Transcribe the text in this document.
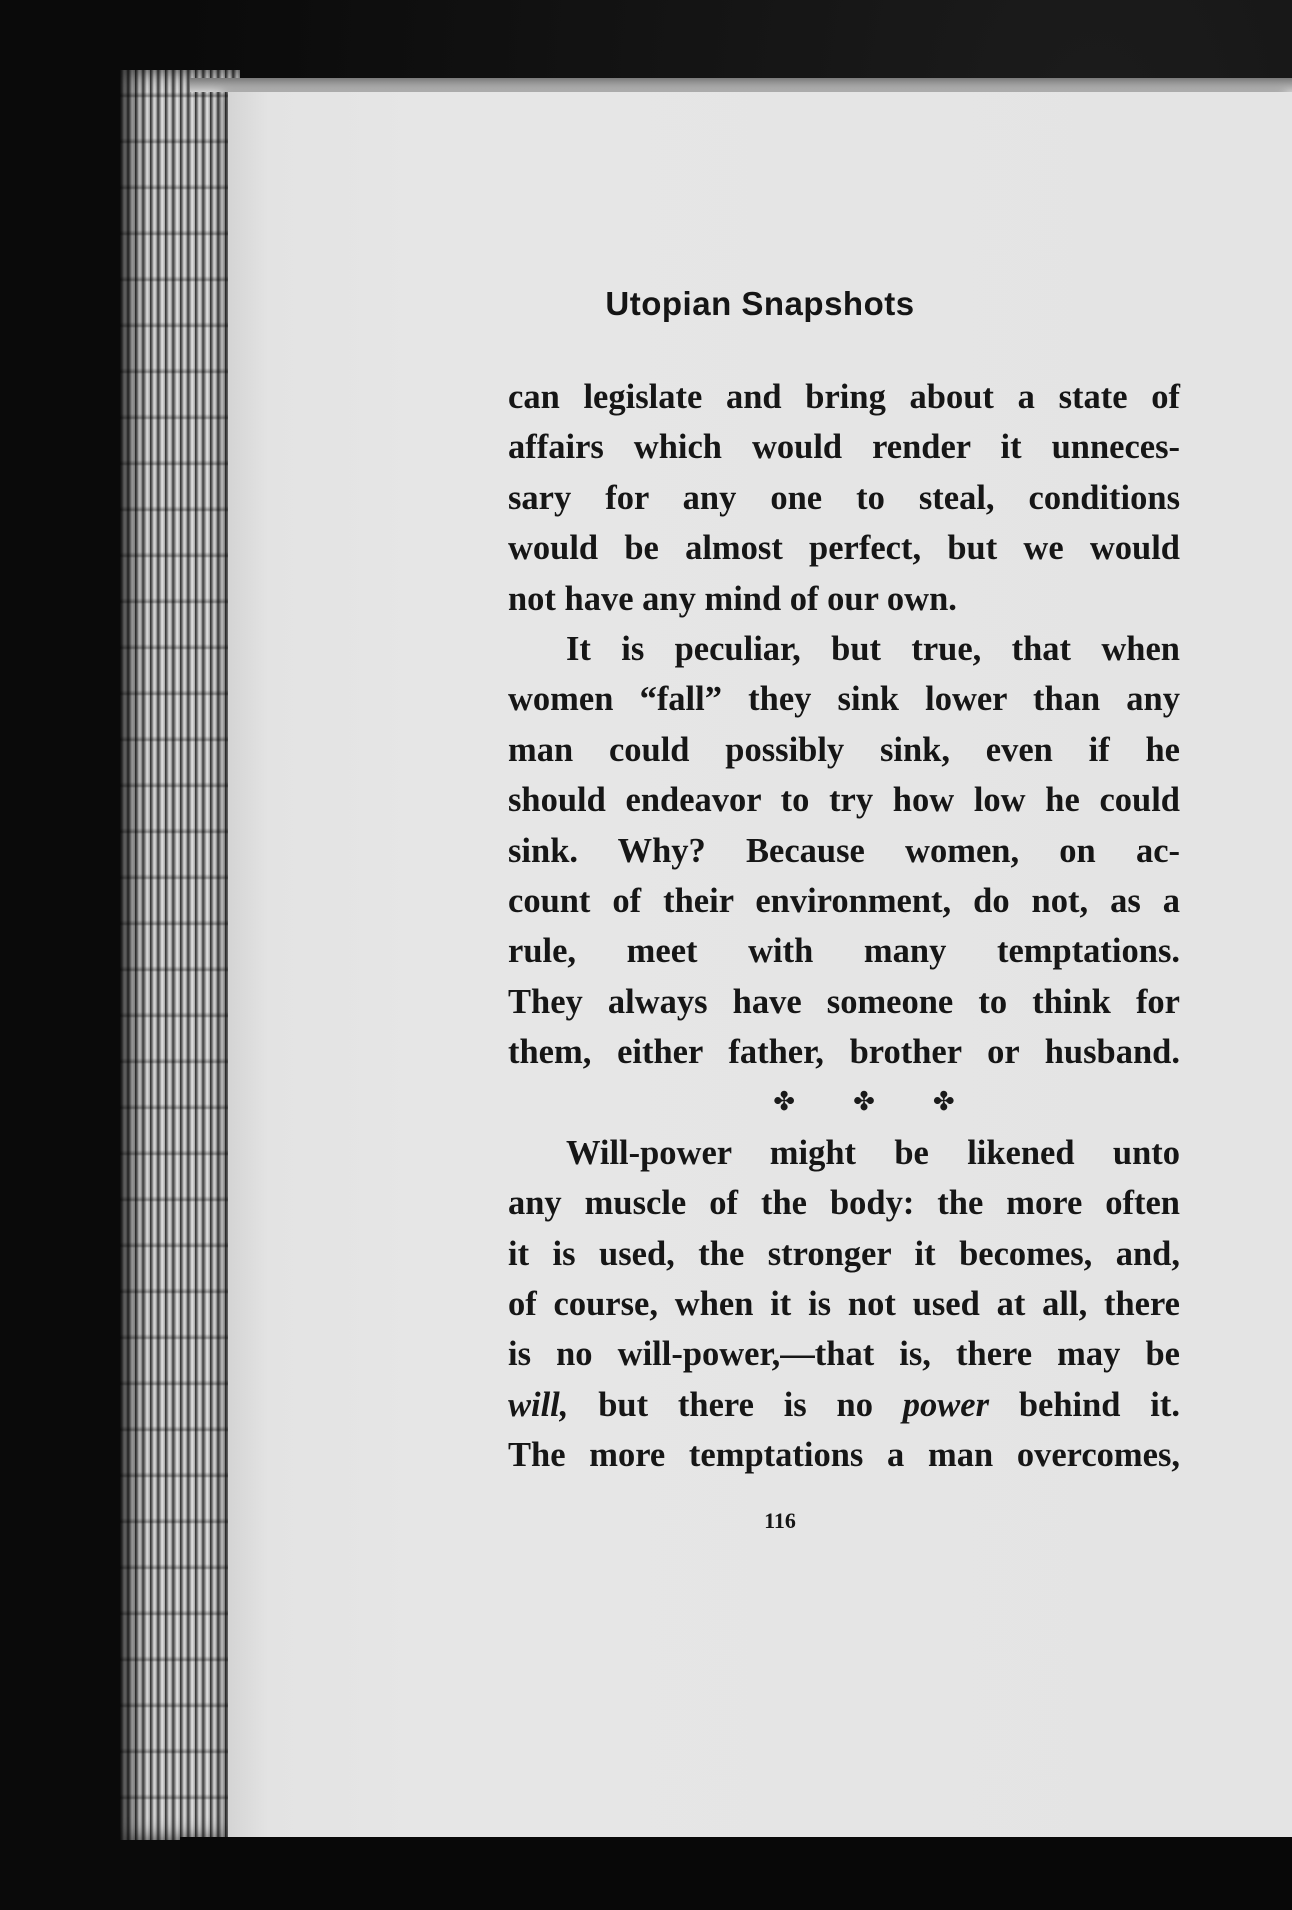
Utopian Snapshots
can legislate and bring about a state of
affairs which would render it unneces-
sary for any one to steal, conditions
would be almost perfect, but we would
not have any mind of our own.
It is peculiar, but true, that when
women “fall” they sink lower than any
man could possibly sink, even if he
should endeavor to try how low he could
sink. Why? Because women, on ac-
count of their environment, do not, as a
rule, meet with many temptations.
They always have someone to think for
them, either father, brother or husband.
✤ ✤ ✤
Will-power might be likened unto
any muscle of the body: the more often
it is used, the stronger it becomes, and,
of course, when it is not used at all, there
is no will-power,—that is, there may be
will, but there is no power behind it.
The more temptations a man overcomes,
116
